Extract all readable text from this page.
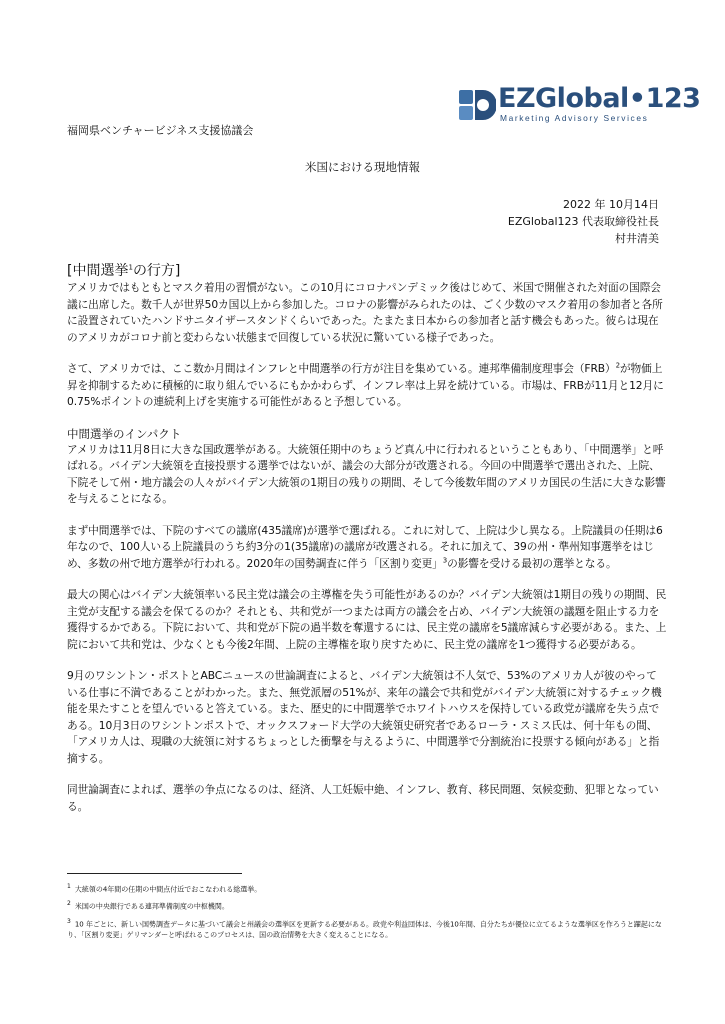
EZGlobal•123
Marketing Advisory Services
福岡県ベンチャービジネス支援協議会
米国における現地情報
2022 年 10月14日
EZGlobal123 代表取締役社長
村井清美
[中間選挙$^1$の行方]

アメリカではもともとマスク着用の習慣がない。この10月にコロナパンデミック後はじめて、米国で開催された対面の国際会議に出席した。数千人が世界50カ国以上から参加した。コロナの影響がみられたのは、ごく少数のマスク着用の参加者と各所に設置されていたハンドサニタイザースタンドくらいであった。たまたま日本からの参加者と話す機会もあった。彼らは現在のアメリカがコロナ前と変わらない状態まで回復している状況に驚いている様子であった。

さて、アメリカでは、ここ数か月間はインフレと中間選挙の行方が注目を集めている。連邦準備制度理事会（FRB）$^2$が物価上昇を抑制するために積極的に取り組んでいるにもかかわらず、インフレ率は上昇を続けている。市場は、FRBが11月と12月に0.75%ポイントの連続利上げを実施する可能性があると予想している。

中間選挙のインパクト

アメリカは11月8日に大きな国政選挙がある。大統領任期中のちょうど真ん中に行われるということもあり、「中間選挙」と呼ばれる。バイデン大統領を直接投票する選挙ではないが、議会の大部分が改選される。今回の中間選挙で選出された、上院、下院そして州・地方議会の人々がバイデン大統領の1期目の残りの期間、そして今後数年間のアメリカ国民の生活に大きな影響を与えることになる。

まず中間選挙では、下院のすべての議席(435議席)が選挙で選ばれる。これに対して、上院は少し異なる。上院議員の任期は6年なので、100人いる上院議員のうち約3分の1(35議席)の議席が改選される。それに加えて、39の州・準州知事選挙をはじめ、多数の州で地方選挙が行われる。2020年の国勢調査に伴う「区割り変更」$^3$の影響を受ける最初の選挙となる。

最大の関心はバイデン大統領率いる民主党は議会の主導権を失う可能性があるのか？バイデン大統領は1期目の残りの期間、民主党が支配する議会を保てるのか？それとも、共和党が一つまたは両方の議会を占め、バイデン大統領の議題を阻止する力を獲得するかである。下院において、共和党が下院の過半数を奪還するには、民主党の議席を5議席減らす必要がある。また、上院において共和党は、少なくとも今後2年間、上院の主導権を取り戻すために、民主党の議席を1つ獲得する必要がある。

9月のワシントン・ポストとABCニュースの世論調査によると、バイデン大統領は不人気で、53%のアメリカ人が彼のやっている仕事に不満であることがわかった。また、無党派層の51%が、来年の議会で共和党がバイデン大統領に対するチェック機能を果たすことを望んでいると答えている。また、歴史的に中間選挙でホワイトハウスを保持している政党が議席を失う点である。10月3日のワシントンポストで、オックスフォード大学の大統領史研究者であるローラ・スミス氏は、何十年もの間、「アメリカ人は、現職の大統領に対するちょっとした衝撃を与えるように、中間選挙で分割統治に投票する傾向がある」と指摘する。

同世論調査によれば、選挙の争点になるのは、経済、人工妊娠中絶、インフレ、教育、移民問題、気候変動、犯罪となっている。

$^1$ 大統領の4年間の任期の中間点付近でおこなわれる総選挙。

$^2$ 米国の中央銀行である連邦準備制度の中枢機関。

$^3$ 10 年ごとに、新しい国勢調査データに基づいて議会と州議会の選挙区を更新する必要がある。政党や利益団体は、今後10年間、自分たちが優位に立てるような選挙区を作ろうと躍起になり、「区割り変更」ゲリマンダーと呼ばれるこのプロセスは、国の政治情勢を大きく変えることになる。
